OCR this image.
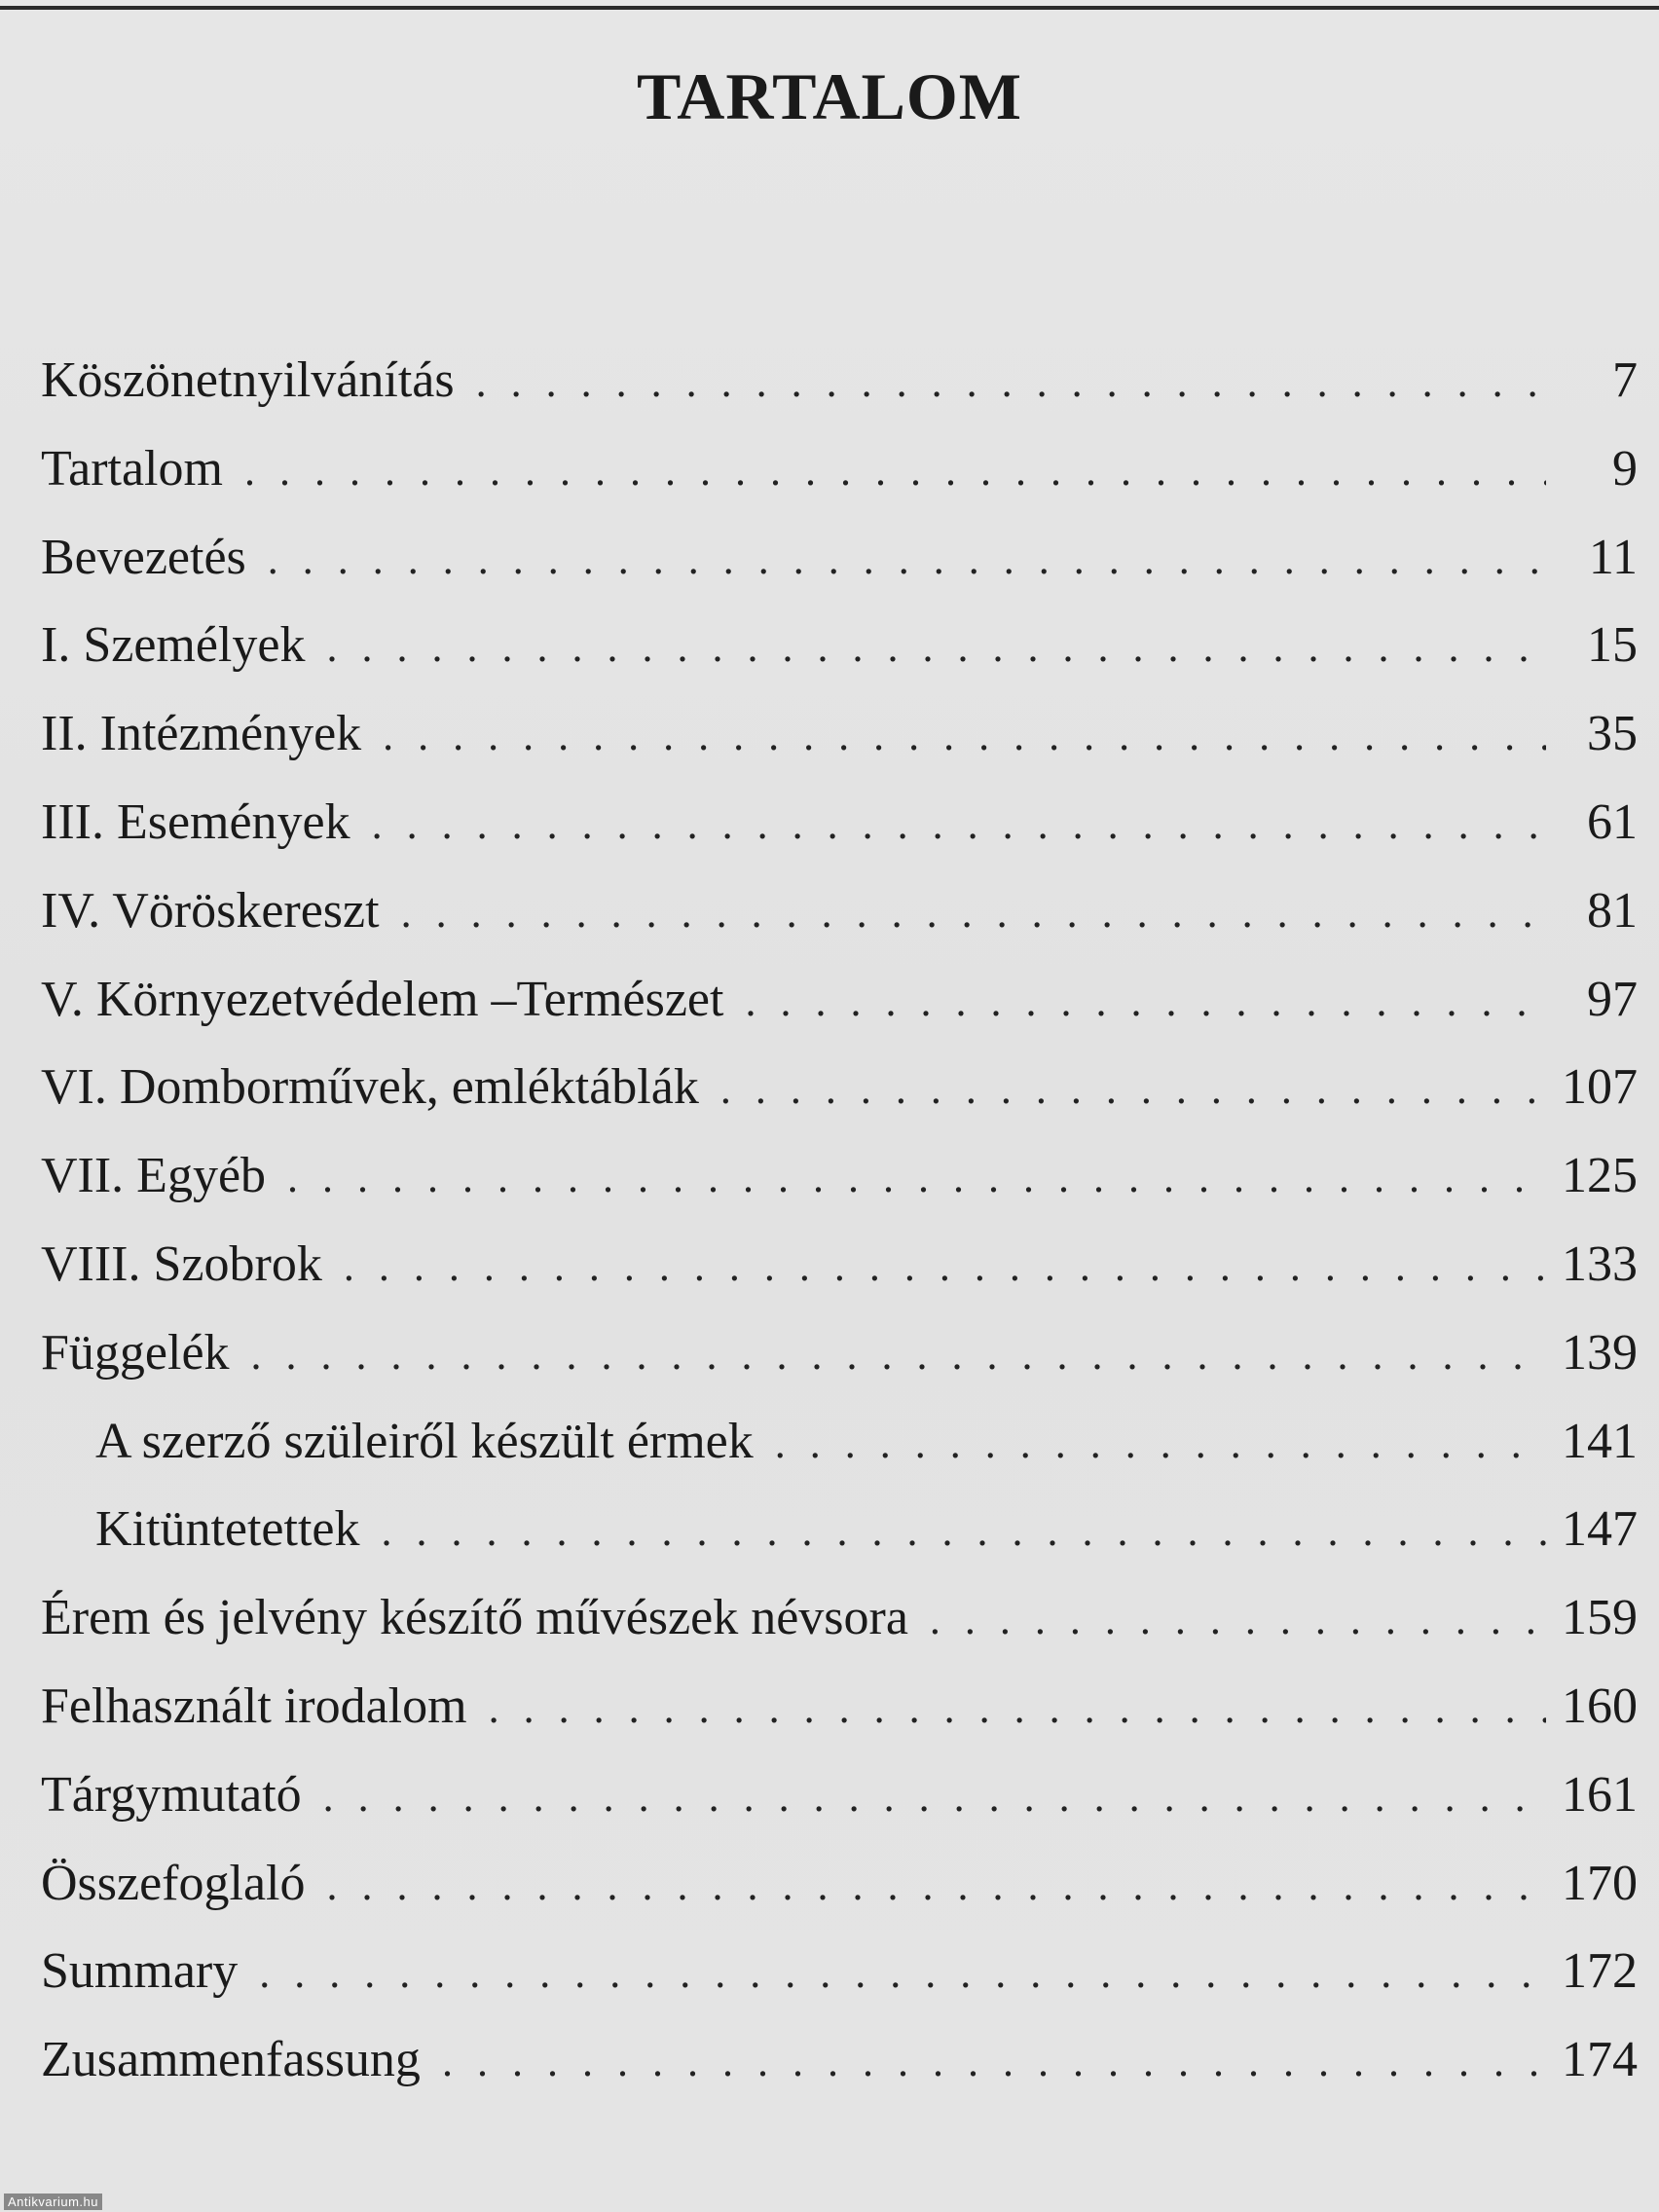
TARTALOM
Köszönetnyilvánítás . . .	7
Tartalom . . .	9
Bevezetés . . .	11
I. Személyek . . .	15
II. Intézmények . . .	35
III. Események . . .	61
IV. Vöröskereszt . . .	81
V. Környezetvédelem –Természet . . .	97
VI. Domborművek, emléktáblák . . .	107
VII. Egyéb . . .	125
VIII. Szobrok . . .	133
Függelék . . .	139
A szerző szüleiről készült érmek . . .	141
Kitüntetettek . . .	147
Érem és jelvény készítő művészek névsora . . .	159
Felhasznált irodalom . . .	160
Tárgymutató . . .	161
Összefoglaló . . .	170
Summary . . .	172
Zusammenfassung . . .	174
Antikvarium.hu
